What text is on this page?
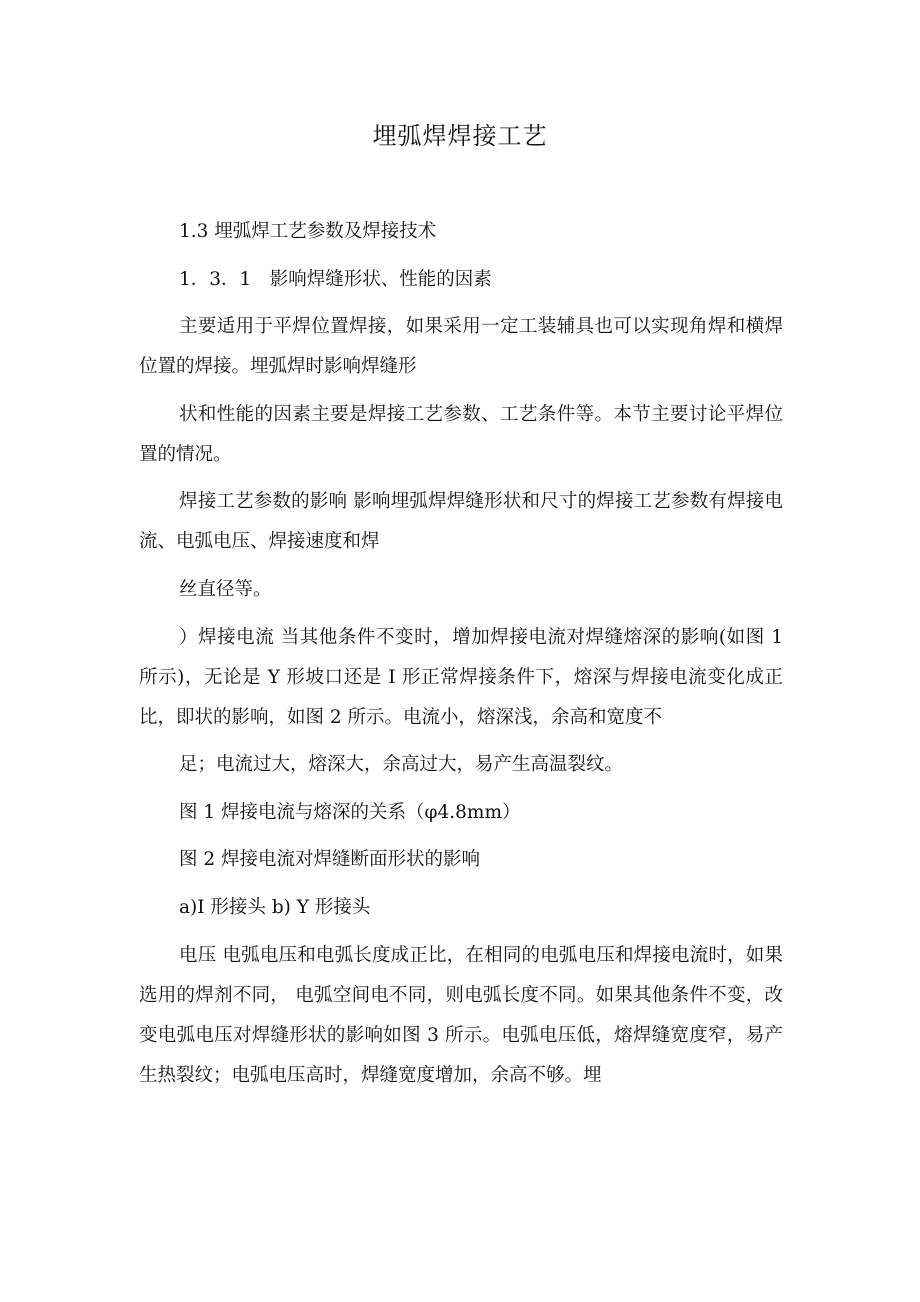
埋弧焊焊接工艺

1.3 埋弧焊工艺参数及焊接技术

1．3．1　影响焊缝形状、性能的因素

主要适用于平焊位置焊接，如果采用一定工装辅具也可以实现角焊和横焊位置的焊接。埋弧焊时影响焊缝形

状和性能的因素主要是焊接工艺参数、工艺条件等。本节主要讨论平焊位置的情况。

焊接工艺参数的影响 影响埋弧焊焊缝形状和尺寸的焊接工艺参数有焊接电流、电弧电压、焊接速度和焊

丝直径等。

）焊接电流 当其他条件不变时，增加焊接电流对焊缝熔深的影响(如图 1 所示)，无论是 Y 形坡口还是 I 形正常焊接条件下，熔深与焊接电流变化成正比，即状的影响，如图 2 所示。电流小，熔深浅，余高和宽度不

足；电流过大，熔深大，余高过大，易产生高温裂纹。

图 1 焊接电流与熔深的关系（φ4.8mm）

图 2 焊接电流对焊缝断面形状的影响

a)I 形接头 b) Y 形接头

电压 电弧电压和电弧长度成正比，在相同的电弧电压和焊接电流时，如果选用的焊剂不同， 电弧空间电不同，则电弧长度不同。如果其他条件不变，改变电弧电压对焊缝形状的影响如图 3 所示。电弧电压低，熔焊缝宽度窄，易产生热裂纹；电弧电压高时，焊缝宽度增加，余高不够。埋
